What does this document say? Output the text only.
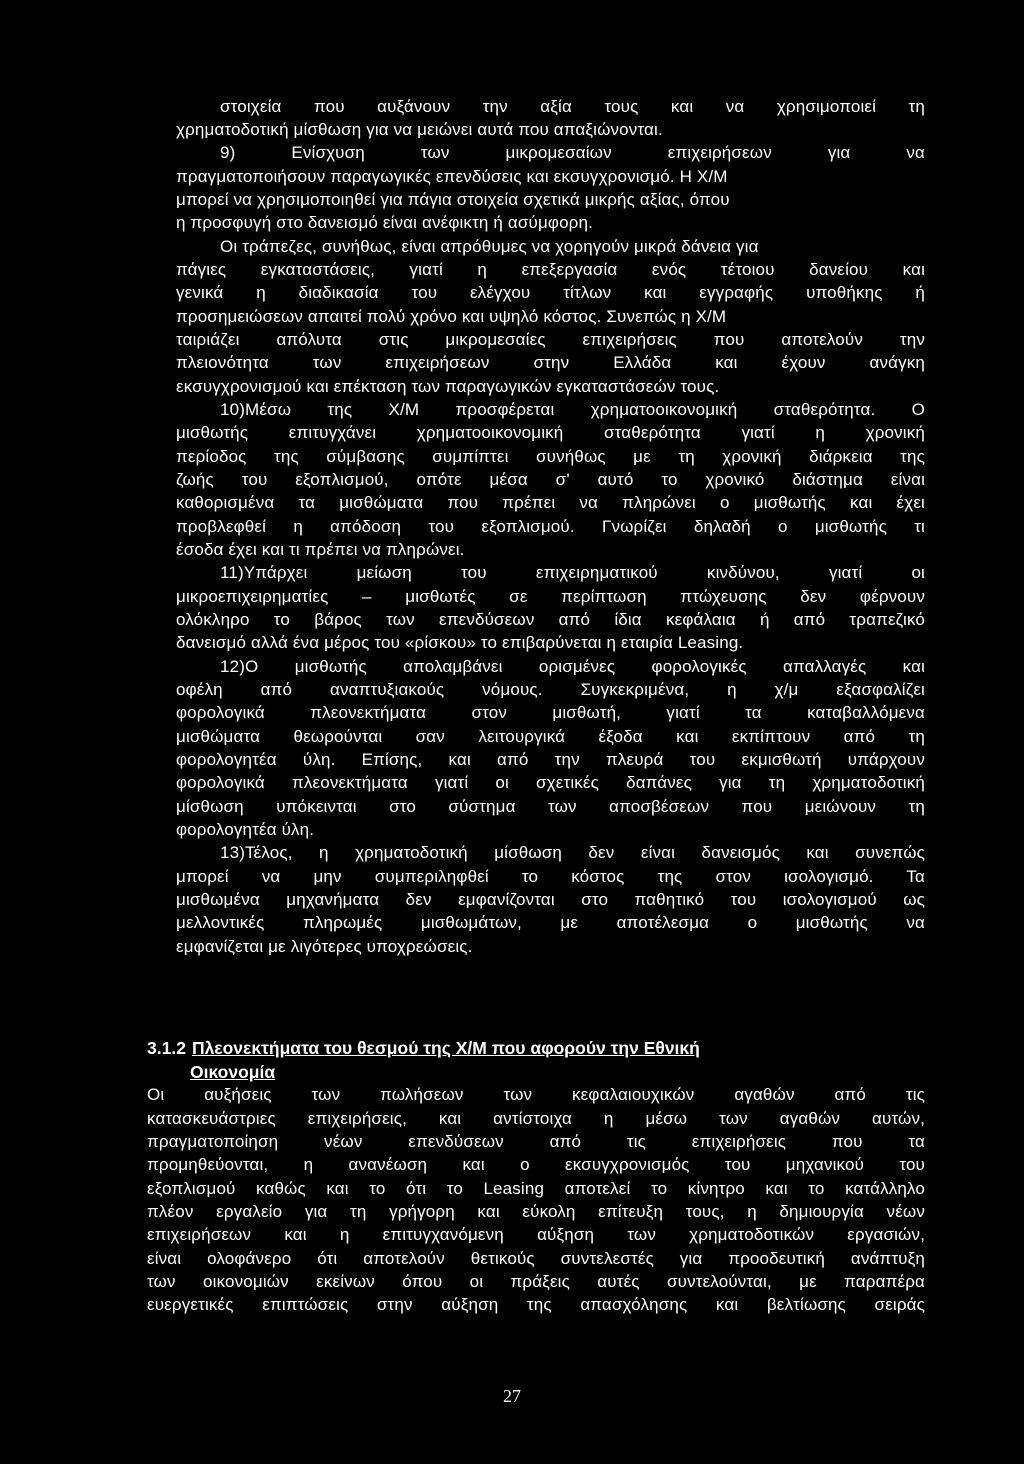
στοιχεία που αυξάνουν την αξία τους και να χρησιμοποιεί τη
χρηματοδοτική μίσθωση για να μειώνει αυτά που απαξιώνονται.
9) Ενίσχυση των μικρομεσαίων επιχειρήσεων για να
πραγματοποιήσουν παραγωγικές επενδύσεις και εκσυγχρονισμό. Η Χ/Μ
μπορεί να χρησιμοποιηθεί για πάγια στοιχεία σχετικά μικρής αξίας, όπου
η προσφυγή στο δανεισμό είναι ανέφικτη ή ασύμφορη.
Οι τράπεζες, συνήθως, είναι απρόθυμες να χορηγούν μικρά δάνεια για
πάγιες εγκαταστάσεις, γιατί η επεξεργασία ενός τέτοιου δανείου και
γενικά η διαδικασία του ελέγχου τίτλων και εγγραφής υποθήκης ή
προσημειώσεων απαιτεί πολύ χρόνο και υψηλό κόστος. Συνεπώς η Χ/Μ
ταιριάζει απόλυτα στις μικρομεσαίες επιχειρήσεις που αποτελούν την
πλειονότητα των επιχειρήσεων στην Ελλάδα και έχουν ανάγκη
εκσυγχρονισμού και επέκταση των παραγωγικών εγκαταστάσεών τους.
10)Μέσω της Χ/Μ προσφέρεται χρηματοοικονομική σταθερότητα. Ο
μισθωτής επιτυγχάνει χρηματοοικονομική σταθερότητα γιατί η χρονική
περίοδος της σύμβασης συμπίπτει συνήθως με τη χρονική διάρκεια της
ζωής του εξοπλισμού, οπότε μέσα σ' αυτό το χρονικό διάστημα είναι
καθορισμένα τα μισθώματα που πρέπει να πληρώνει ο μισθωτής και έχει
προβλεφθεί η απόδοση του εξοπλισμού. Γνωρίζει δηλαδή ο μισθωτής τι
έσοδα έχει και τι πρέπει να πληρώνει.
11)Υπάρχει μείωση του επιχειρηματικού κινδύνου, γιατί οι
μικροεπιχειρηματίες – μισθωτές σε περίπτωση πτώχευσης δεν φέρνουν
ολόκληρο το βάρος των επενδύσεων από ίδια κεφάλαια ή από τραπεζικό
δανεισμό αλλά ένα μέρος του «ρίσκου» το επιβαρύνεται η εταιρία Leasing.
12)Ο μισθωτής απολαμβάνει ορισμένες φορολογικές απαλλαγές και
οφέλη από αναπτυξιακούς νόμους. Συγκεκριμένα, η χ/μ εξασφαλίζει
φορολογικά πλεονεκτήματα στον μισθωτή, γιατί τα καταβαλλόμενα
μισθώματα θεωρούνται σαν λειτουργικά έξοδα και εκπίπτουν από τη
φορολογητέα ύλη. Επίσης, και από την πλευρά του εκμισθωτή υπάρχουν
φορολογικά πλεονεκτήματα γιατί οι σχετικές δαπάνες για τη χρηματοδοτική
μίσθωση υπόκεινται στο σύστημα των αποσβέσεων που μειώνουν τη
φορολογητέα ύλη.
13)Τέλος, η χρηματοδοτική μίσθωση δεν είναι δανεισμός και συνεπώς
μπορεί να μην συμπεριληφθεί το κόστος της στον ισολογισμό. Τα
μισθωμένα μηχανήματα δεν εμφανίζονται στο παθητικό του ισολογισμού ως
μελλοντικές πληρωμές μισθωμάτων, με αποτέλεσμα ο μισθωτής να
εμφανίζεται με λιγότερες υποχρεώσεις.
3.1.2 Πλεονεκτήματα του θεσμού της Χ/Μ που αφορούν την Εθνική
Οικονομία
Οι αυξήσεις των πωλήσεων των κεφαλαιουχικών αγαθών από τις
κατασκευάστριες επιχειρήσεις, και αντίστοιχα η μέσω των αγαθών αυτών,
πραγματοποίηση νέων επενδύσεων από τις επιχειρήσεις που τα
προμηθεύονται, η ανανέωση και ο εκσυγχρονισμός του μηχανικού του
εξοπλισμού καθώς και το ότι το Leasing αποτελεί το κίνητρο και το κατάλληλο
πλέον εργαλείο για τη γρήγορη και εύκολη επίτευξη τους, η δημιουργία νέων
επιχειρήσεων και η επιτυγχανόμενη αύξηση των χρηματοδοτικών εργασιών,
είναι ολοφάνερο ότι αποτελούν θετικούς συντελεστές για προοδευτική ανάπτυξη
των οικονομιών εκείνων όπου οι πράξεις αυτές συντελούνται, με παραπέρα
ευεργετικές επιπτώσεις στην αύξηση της απασχόλησης και βελτίωσης σειράς
27
